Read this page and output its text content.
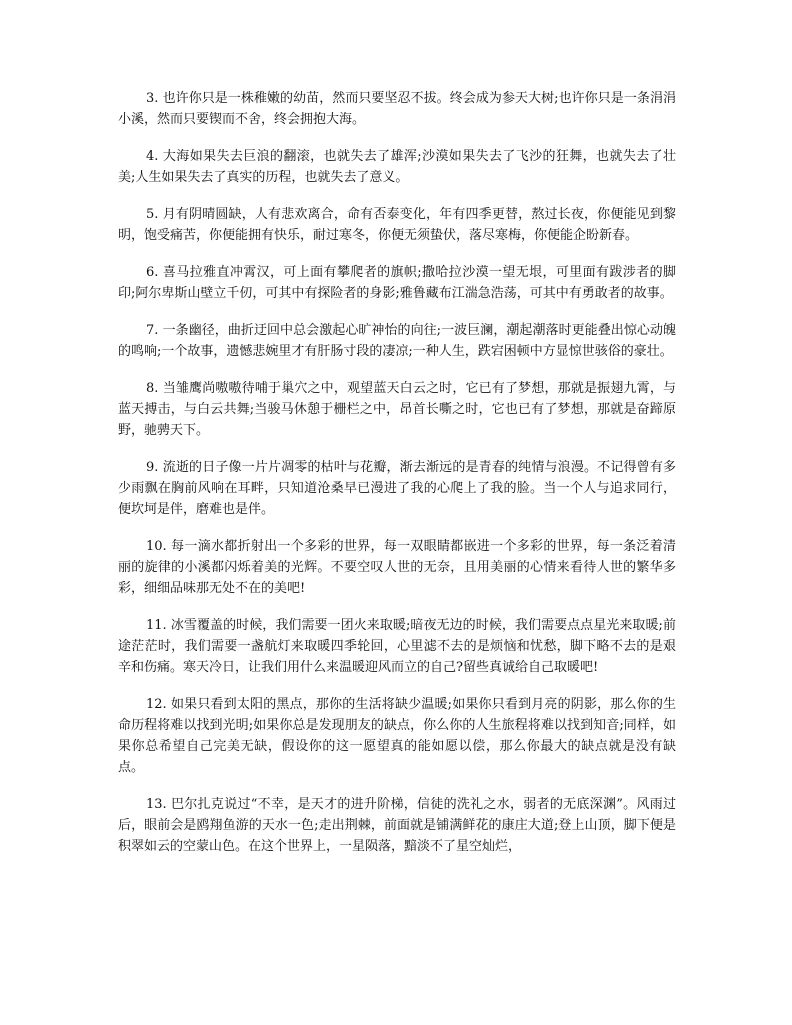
3. 也许你只是一株稚嫩的幼苗，然而只要坚忍不拔。终会成为参天大树;也许你只是一条涓涓小溪，然而只要锲而不舍，终会拥抱大海。

4. 大海如果失去巨浪的翻滚，也就失去了雄浑;沙漠如果失去了飞沙的狂舞，也就失去了壮美;人生如果失去了真实的历程，也就失去了意义。

5. 月有阴晴圆缺，人有悲欢离合，命有否泰变化，年有四季更替，熬过长夜，你便能见到黎明，饱受痛苦，你便能拥有快乐，耐过寒冬，你便无须蛰伏，落尽寒梅，你便能企盼新春。

6. 喜马拉雅直冲霄汉，可上面有攀爬者的旗帜;撒哈拉沙漠一望无垠，可里面有跋涉者的脚印;阿尔卑斯山壁立千仞，可其中有探险者的身影;雅鲁藏布江湍急浩荡，可其中有勇敢者的故事。

7. 一条幽径，曲折迂回中总会激起心旷神怡的向往;一波巨澜，潮起潮落时更能叠出惊心动魄的鸣响;一个故事，遗憾悲婉里才有肝肠寸段的凄凉;一种人生，跌宕困顿中方显惊世骇俗的豪壮。

8. 当雏鹰尚嗷嗷待哺于巢穴之中，观望蓝天白云之时，它已有了梦想，那就是振翅九霄，与蓝天搏击，与白云共舞;当骏马休憩于栅栏之中，昂首长嘶之时，它也已有了梦想，那就是奋蹄原野，驰骋天下。

9. 流逝的日子像一片片凋零的枯叶与花瓣，渐去渐远的是青春的纯情与浪漫。不记得曾有多少雨飘在胸前风响在耳畔，只知道沧桑早已漫进了我的心爬上了我的脸。当一个人与追求同行，便坎坷是伴，磨难也是伴。

10. 每一滴水都折射出一个多彩的世界，每一双眼睛都嵌进一个多彩的世界，每一条泛着清丽的旋律的小溪都闪烁着美的光辉。不要空叹人世的无奈，且用美丽的心情来看待人世的繁华多彩，细细品味那无处不在的美吧!

11. 冰雪覆盖的时候，我们需要一团火来取暖;暗夜无边的时候，我们需要点点星光来取暖;前途茫茫时，我们需要一盏航灯来取暖四季轮回，心里滤不去的是烦恼和忧愁，脚下略不去的是艰辛和伤痛。寒天冷日，让我们用什么来温暖迎风而立的自己?留些真诚给自己取暖吧!

12. 如果只看到太阳的黑点，那你的生活将缺少温暖;如果你只看到月亮的阴影，那么你的生命历程将难以找到光明;如果你总是发现朋友的缺点，你么你的人生旅程将难以找到知音;同样，如果你总希望自己完美无缺，假设你的这一愿望真的能如愿以偿，那么你最大的缺点就是没有缺点。

13. 巴尔扎克说过“不幸，是天才的进升阶梯，信徒的洗礼之水，弱者的无底深渊”。风雨过后，眼前会是鸥翔鱼游的天水一色;走出荆棘，前面就是铺满鲜花的康庄大道;登上山顶，脚下便是积翠如云的空蒙山色。在这个世界上，一星陨落，黯淡不了星空灿烂，
